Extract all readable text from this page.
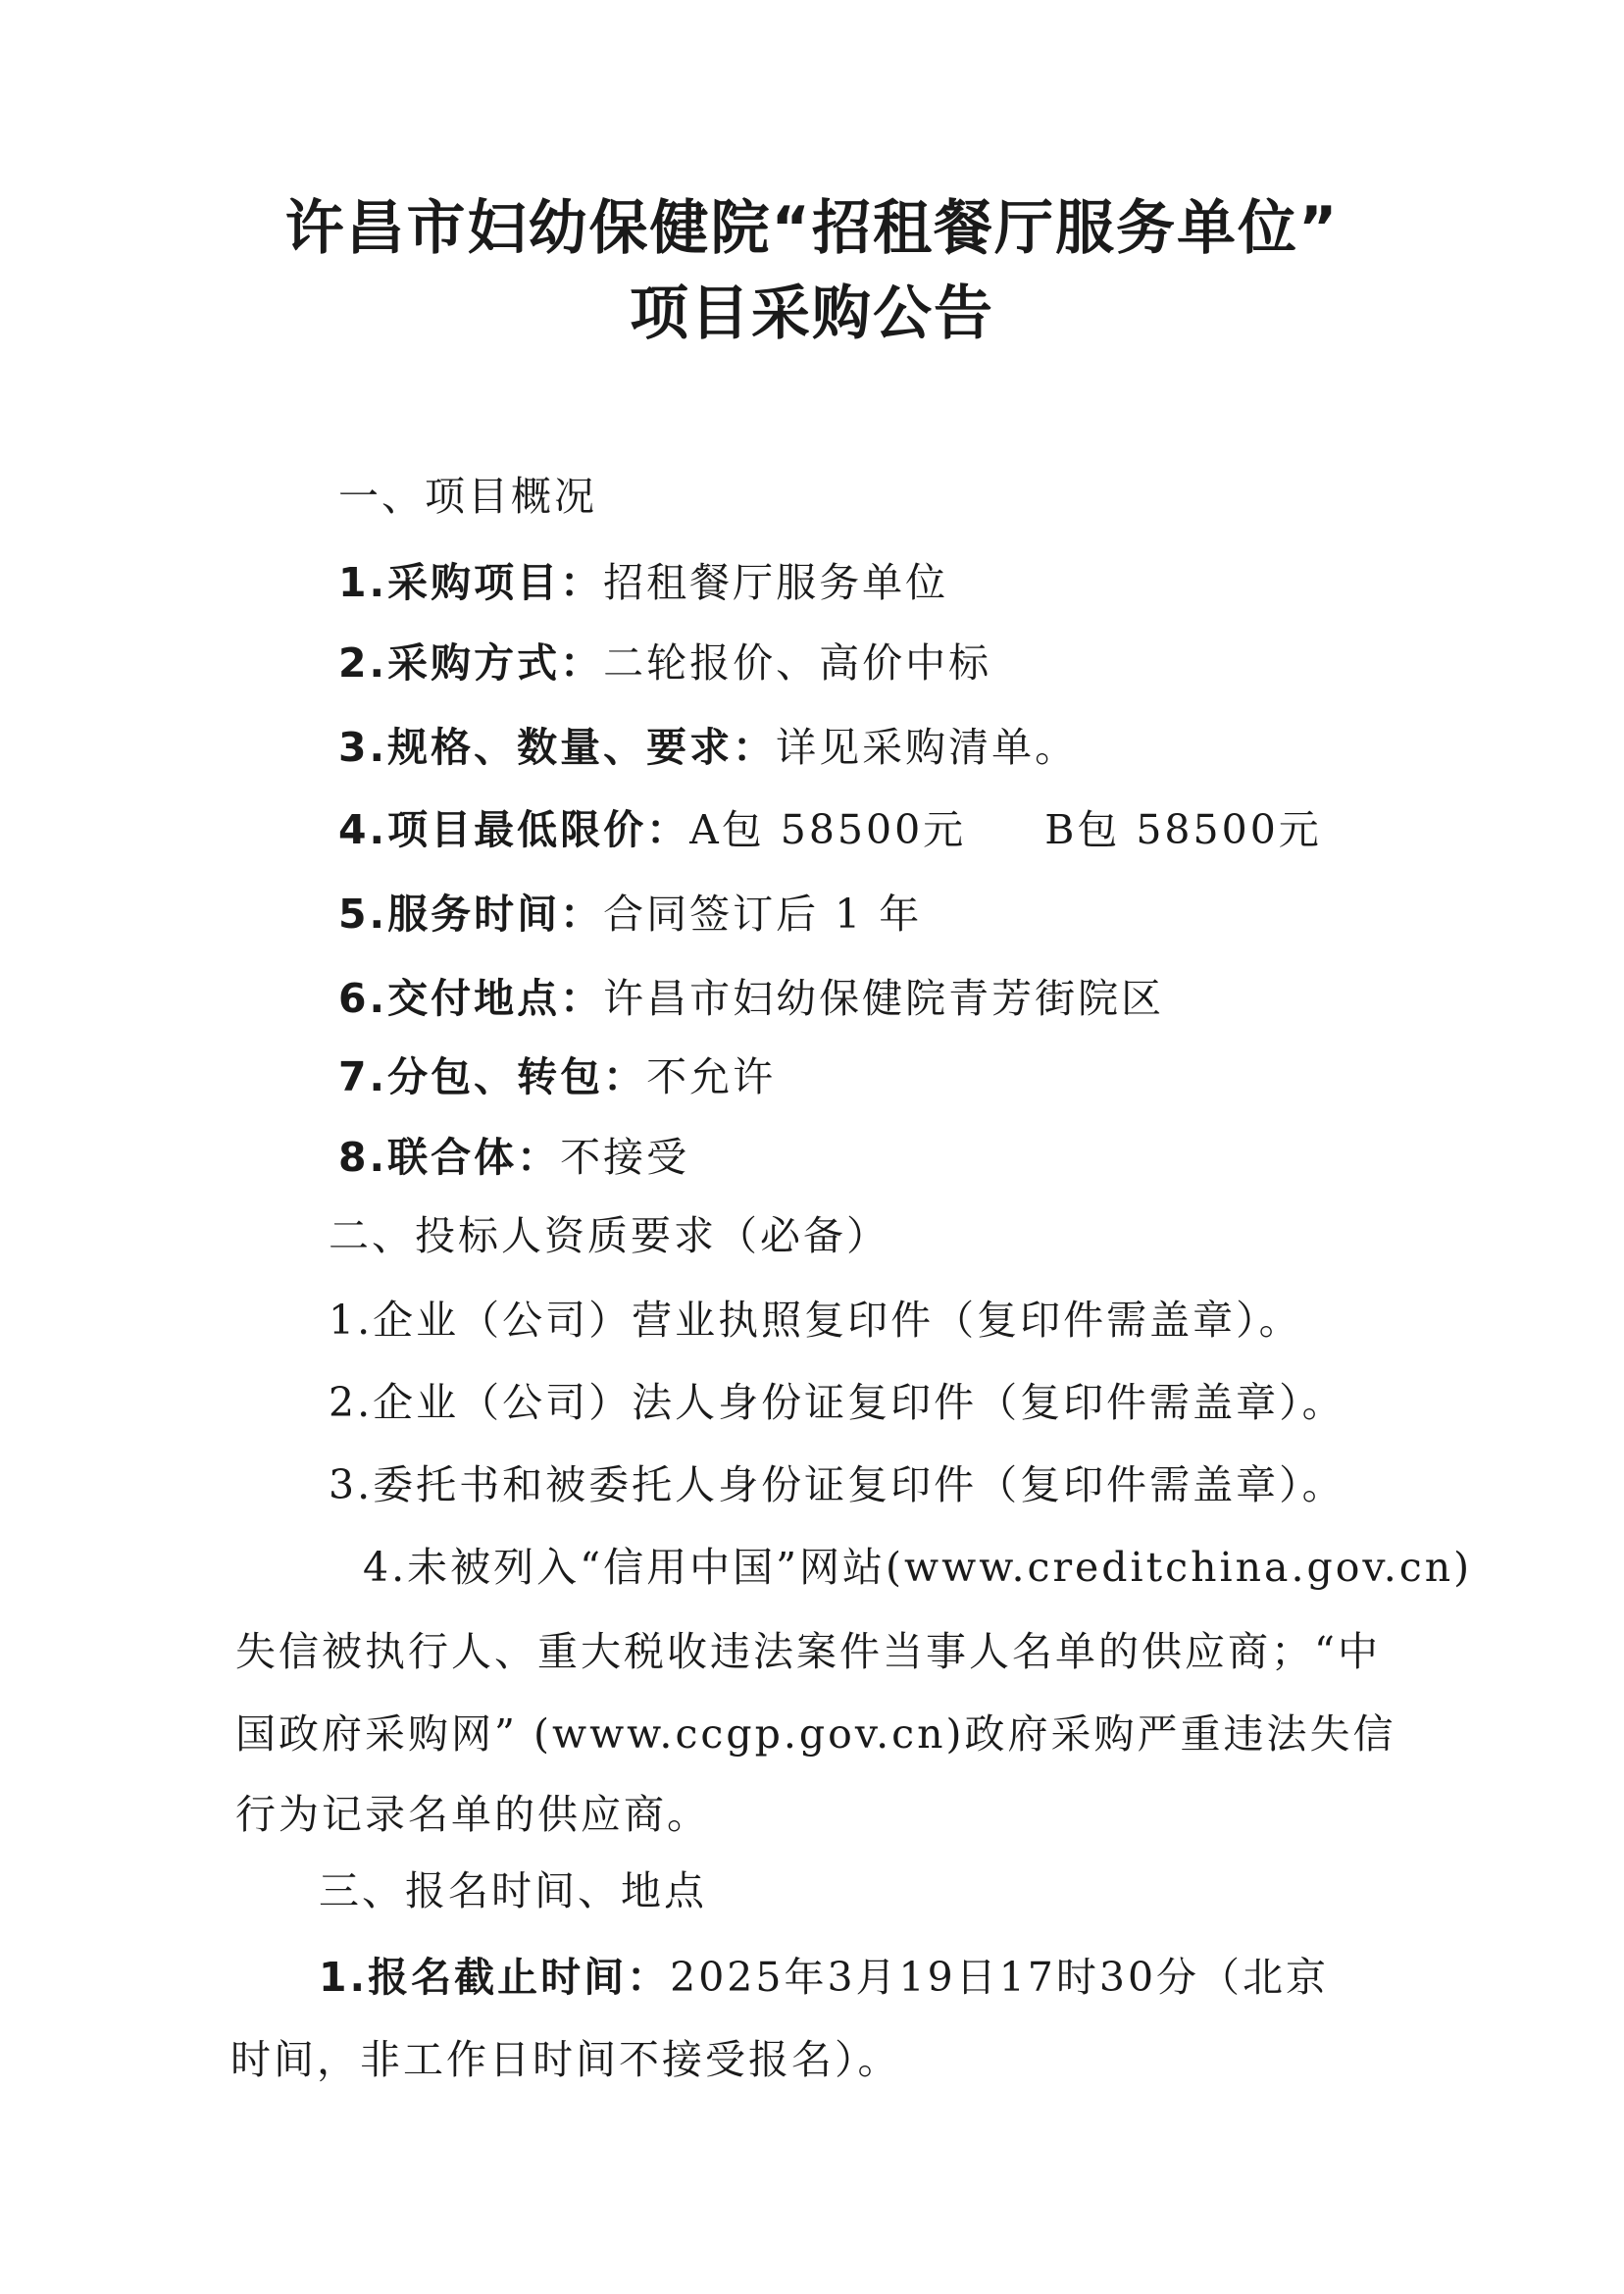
许昌市妇幼保健院“招租餐厅服务单位”
项目采购公告
一、项目概况
1.采购项目：招租餐厅服务单位
2.采购方式：二轮报价、高价中标
3.规格、数量、要求：详见采购清单。
4.项目最低限价：A包 58500元 B包 58500元
5.服务时间：合同签订后 1 年
6.交付地点：许昌市妇幼保健院青芳街院区
7.分包、转包：不允许
8.联合体：不接受
二、投标人资质要求（必备）
1.企业（公司）营业执照复印件（复印件需盖章）。
2.企业（公司）法人身份证复印件（复印件需盖章）。
3.委托书和被委托人身份证复印件（复印件需盖章）。
4.未被列入“信用中国”网站(www.creditchina.gov.cn)
失信被执行人、重大税收违法案件当事人名单的供应商；“中
国政府采购网” (www.ccgp.gov.cn)政府采购严重违法失信
行为记录名单的供应商。
三、报名时间、地点
1.报名截止时间：2025年3月19日17时30分（北京
时间，非工作日时间不接受报名）。
